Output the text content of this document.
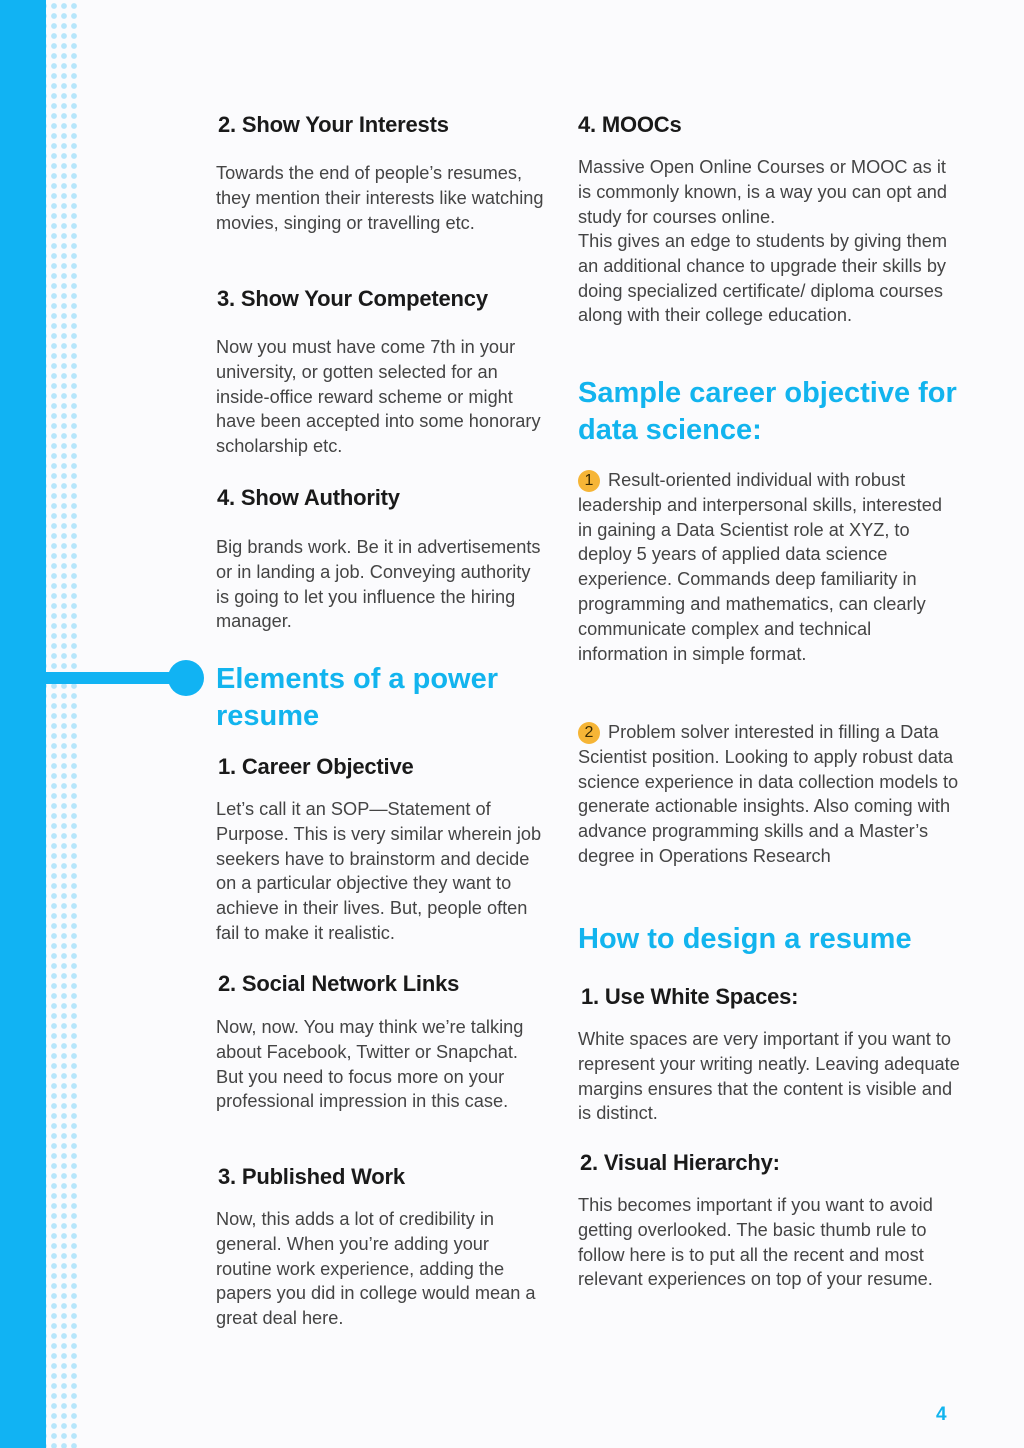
2. Show Your Interests

Towards the end of people’s resumes, they mention their interests like watching movies, singing or travelling etc.

3. Show Your Competency

Now you must have come 7th in your university, or gotten selected for an inside-office reward scheme or might have been accepted into some honorary scholarship etc.

4. Show Authority

Big brands work. Be it in advertisements or in landing a job. Conveying authority is going to let you influence the hiring manager.

Elements of a power resume
1. Career Objective

Let’s call it an SOP—Statement of Purpose. This is very similar wherein job seekers have to brainstorm and decide on a particular objective they want to achieve in their lives. But, people often fail to make it realistic.

2. Social Network Links

Now, now. You may think we’re talking about Facebook, Twitter or Snapchat. But you need to focus more on your professional impression in this case.

3. Published Work

Now, this adds a lot of credibility in general. When you’re adding your routine work experience, adding the papers you did in college would mean a great deal here.

4. MOOCs

Massive Open Online Courses or MOOC as it is commonly known, is a way you can opt and study for courses online.

This gives an edge to students by giving them an additional chance to upgrade their skills by doing specialized certificate/ diploma courses along with their college education.

Sample career objective for data science:

1 Result-oriented individual with robust leadership and interpersonal skills, interested in gaining a Data Scientist role at XYZ, to deploy 5 years of applied data science experience. Commands deep familiarity in programming and mathematics, can clearly communicate complex and technical information in simple format.

2 Problem solver interested in filling a Data Scientist position. Looking to apply robust data science experience in data collection models to generate actionable insights. Also coming with advance programming skills and a Master’s degree in Operations Research

How to design a resume
1. Use White Spaces:

White spaces are very important if you want to represent your writing neatly. Leaving adequate margins ensures that the content is visible and is distinct.

2. Visual Hierarchy:

This becomes important if you want to avoid getting overlooked. The basic thumb rule to follow here is to put all the recent and most relevant experiences on top of your resume.

4
